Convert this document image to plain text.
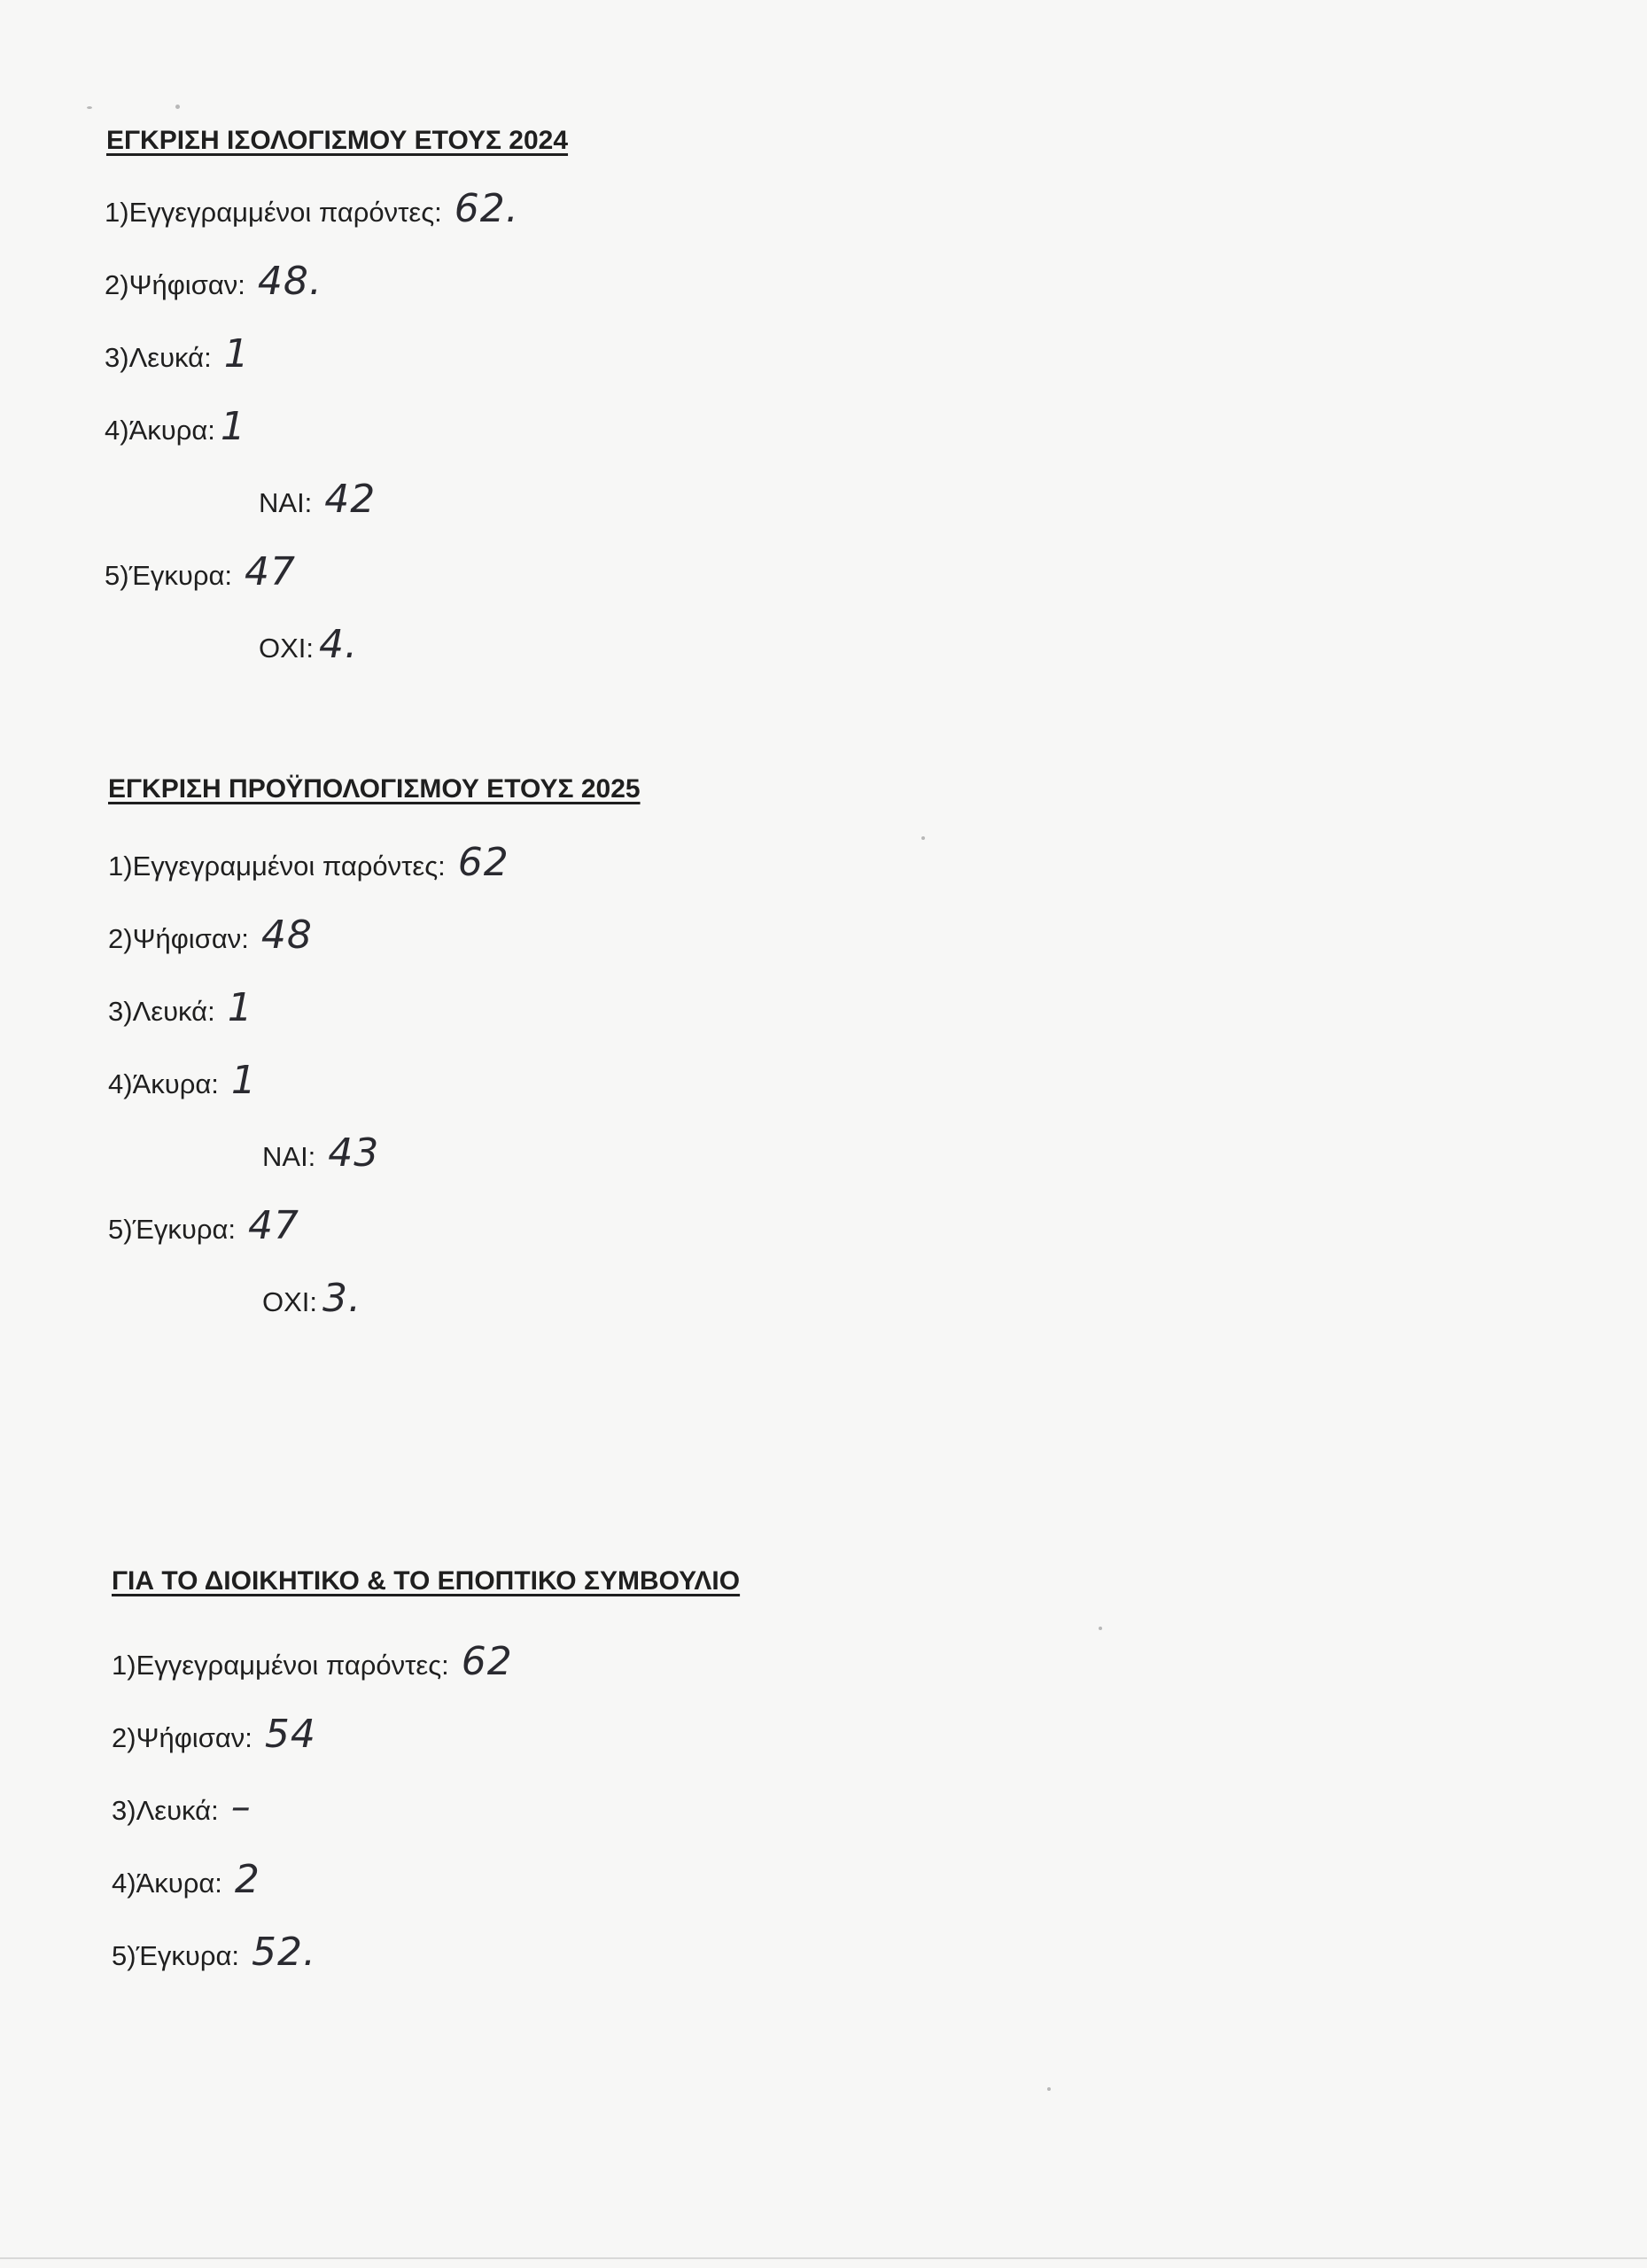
ΕΓΚΡΙΣΗ ΙΣΟΛΟΓΙΣΜΟΥ ΕΤΟΥΣ 2024
1)Εγγεγραμμένοι παρόντες: 62.
2)Ψήφισαν: 48.
3)Λευκά: 1
4)Άκυρα: 1
ΝΑΙ: 42
5)Έγκυρα: 47
ΟΧΙ: 4.
ΕΓΚΡΙΣΗ ΠΡΟΫΠΟΛΟΓΙΣΜΟΥ ΕΤΟΥΣ 2025
1)Εγγεγραμμένοι παρόντες: 62
2)Ψήφισαν: 48
3)Λευκά: 1
4)Άκυρα: 1
ΝΑΙ: 43
5)Έγκυρα: 47
ΟΧΙ: 3.
ΓΙΑ ΤΟ ΔΙΟΙΚΗΤΙΚΟ & ΤΟ ΕΠΟΠΤΙΚΟ ΣΥΜΒΟΥΛΙΟ
1)Εγγεγραμμένοι παρόντες: 62
2)Ψήφισαν: 54
3)Λευκά: –
4)Άκυρα: 2
5)Έγκυρα: 52.
